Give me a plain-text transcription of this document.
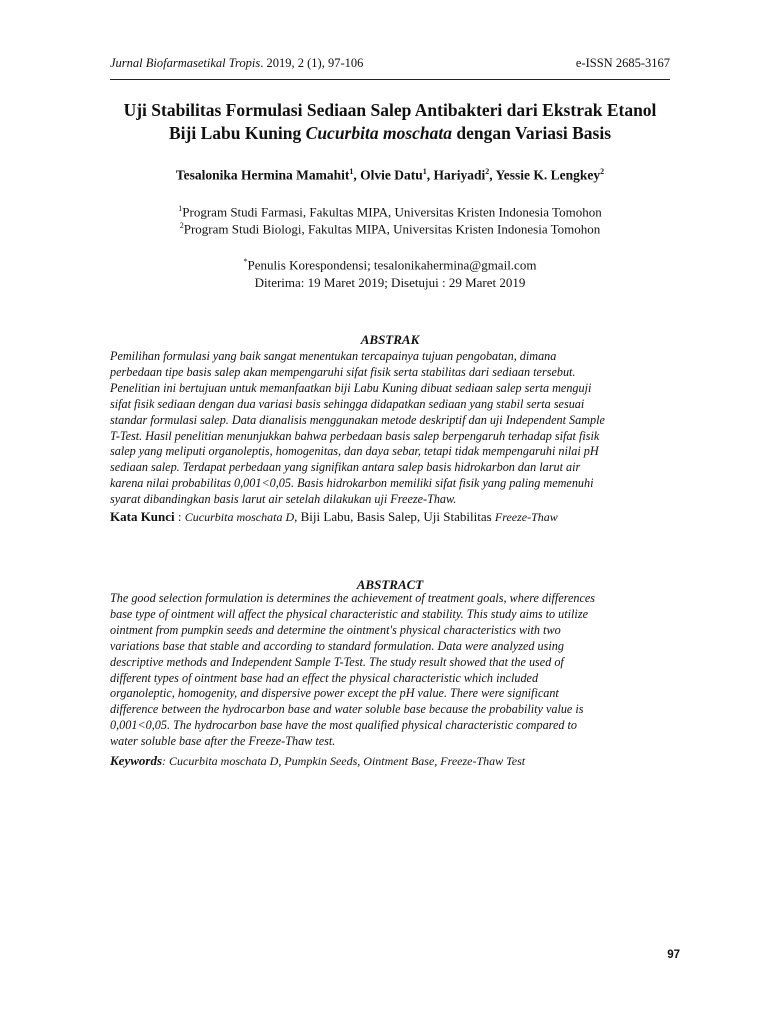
Jurnal Biofarmasetikal Tropis. 2019, 2 (1), 97-106	e-ISSN 2685-3167
Uji Stabilitas Formulasi Sediaan Salep Antibakteri dari Ekstrak Etanol
Biji Labu Kuning Cucurbita moschata dengan Variasi Basis
Tesalonika Hermina Mamahit$^1$, Olvie Datu$^1$, Hariyadi$^2$, Yessie K. Lengkey$^2$
$^1$Program Studi Farmasi, Fakultas MIPA, Universitas Kristen Indonesia Tomohon
$^2$Program Studi Biologi, Fakultas MIPA, Universitas Kristen Indonesia Tomohon
*Penulis Korespondensi; tesalonikahermina@gmail.com
Diterima: 19 Maret 2019; Disetujui : 29 Maret 2019
ABSTRAK
Pemilihan formulasi yang baik sangat menentukan tercapainya tujuan pengobatan, dimana
perbedaan tipe basis salep akan mempengaruhi sifat fisik serta stabilitas dari sediaan tersebut.
Penelitian ini bertujuan untuk memanfaatkan biji Labu Kuning dibuat sediaan salep serta menguji
sifat fisik sediaan dengan dua variasi basis sehingga didapatkan sediaan yang stabil serta sesuai
standar formulasi salep. Data dianalisis menggunakan metode deskriptif dan uji Independent Sample
T-Test. Hasil penelitian menunjukkan bahwa perbedaan basis salep berpengaruh terhadap sifat fisik
salep yang meliputi organoleptis, homogenitas, dan daya sebar, tetapi tidak mempengaruhi nilai pH
sediaan salep. Terdapat perbedaan yang signifikan antara salep basis hidrokarbon dan larut air
karena nilai probabilitas 0,001<0,05. Basis hidrokarbon memiliki sifat fisik yang paling memenuhi
syarat dibandingkan basis larut air setelah dilakukan uji Freeze-Thaw.
Kata Kunci : Cucurbita moschata D, Biji Labu, Basis Salep, Uji Stabilitas Freeze-Thaw
ABSTRACT
The good selection formulation is determines the achievement of treatment goals, where differences
base type of ointment will affect the physical characteristic and stability. This study aims to utilize
ointment from pumpkin seeds and determine the ointment's physical characteristics with two
variations base that stable and according to standard formulation. Data were analyzed using
descriptive methods and Independent Sample T-Test. The study result showed that the used of
different types of ointment base had an effect the physical characteristic which included
organoleptic, homogenity, and dispersive power except the pH value. There were significant
difference between the hydrocarbon base and water soluble base because the probability value is
0,001<0,05. The hydrocarbon base have the most qualified physical characteristic compared to
water soluble base after the Freeze-Thaw test.
Keywords: Cucurbita moschata D, Pumpkin Seeds, Ointment Base, Freeze-Thaw Test
97
